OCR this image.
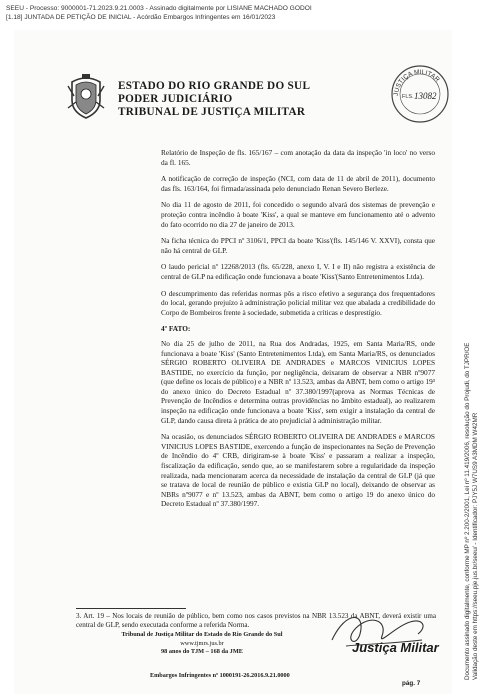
SEEU - Processo: 9000001-71.2023.9.21.0003 - Assinado digitalmente por LISIANE MACHADO GODOI
[1.18] JUNTADA DE PETIÇÃO DE INICIAL - Acórdão Embargos Infringentes em 16/01/2023
ESTADO DO RIO GRANDE DO SUL
PODER JUDICIÁRIO
TRIBUNAL DE JUSTIÇA MILITAR
JUSTIÇA MILITAR
FLS. 13082
Documento assinado digitalmente, conforme MP nº 2.200-2/2001, Lei nº 11.419/2006, resolução do Projudi, do TJPR/OE Validação deste em https://seeu.pje.jus.br/seeu/ - Identificador: PJY5J W7US9 A3MDM W42MR

Relatório de Inspeção de fls. 165/167 – com anotação da data da inspeção 'in loco' no verso da fl. 165.

A notificação de correção de inspeção (NCI, com data de 11 de abril de 2011), documento das fls. 163/164, foi firmada/assinada pelo denunciado Renan Severo Berleze.

No dia 11 de agosto de 2011, foi concedido o segundo alvará dos sistemas de prevenção e proteção contra incêndio à boate 'Kiss', a qual se manteve em funcionamento até o advento do fato ocorrido no dia 27 de janeiro de 2013.

Na ficha técnica do PPCI nº 3106/1, PPCI da boate 'Kiss'(fls. 145/146 V. XXVI), consta que não há central de GLP.

O laudo pericial nº 12268/2013 (fls. 65/228, anexo I, V. I e II) não registra a existência de central de GLP na edificação onde funcionava a boate 'Kiss'(Santo Entretenimentos Ltda).

O descumprimento das referidas normas pôs a risco efetivo a segurança dos frequentadores do local, gerando prejuízo à administração policial militar vez que abalada a credibilidade do Corpo de Bombeiros frente à sociedade, submetida a críticas e desprestígio.

4º FATO:

No dia 25 de julho de 2011, na Rua dos Andradas, 1925, em Santa Maria/RS, onde funcionava a boate 'Kiss' (Santo Entretenimentos Ltda), em Santa Maria/RS, os denunciados SÉRGIO ROBERTO OLIVEIRA DE ANDRADES e MARCOS VINICIUS LOPES BASTIDE, no exercício da função, por negligência, deixaram de observar a NBR nº9077 (que define os locais de público) e a NBR nº 13.523, ambas da ABNT, bem como o artigo 19³ do anexo único do Decreto Estadual nº 37.380/1997(aprova as Normas Técnicas de Prevenção de Incêndios e determina outras providências no âmbito estadual), ao realizarem inspeção na edificação onde funcionava a boate 'Kiss', sem exigir a instalação da central de GLP, dando causa direta à prática de ato prejudicial à administração militar.

Na ocasião, os denunciados SÉRGIO ROBERTO OLIVEIRA DE ANDRADES e MARCOS VINICIUS LOPES BASTIDE, exercendo a função de inspecionantes na Seção de Prevenção de Incêndio do 4º CRB, dirigiram-se à boate 'Kiss' e passaram a realizar a inspeção, fiscalização da edificação, sendo que, ao se manifestarem sobre a regularidade da inspeção realizada, nada mencionaram acerca da necessidade de instalação da central de GLP (já que se tratava de local de reunião de público e existia GLP no local), deixando de observar as NBRs nº9077 e nº 13.523, ambas da ABNT, bem como o artigo 19 do anexo único do Decreto Estadual nº 37.380/1997.

3. Art. 19 – Nos locais de reunião de público, bem como nos casos previstos na NBR 13.523 da ABNT, deverá existir uma central de GLP, sendo executada conforme a referida Norma.
Tribunal de Justiça Militar do Estado do Rio Grande do Sul
www.tjmrs.jus.br
98 anos do TJM – 168 da JME
Embargos Infringentes nº 1000191-26.2016.9.21.0000
Justiça Militar
pág. 7
